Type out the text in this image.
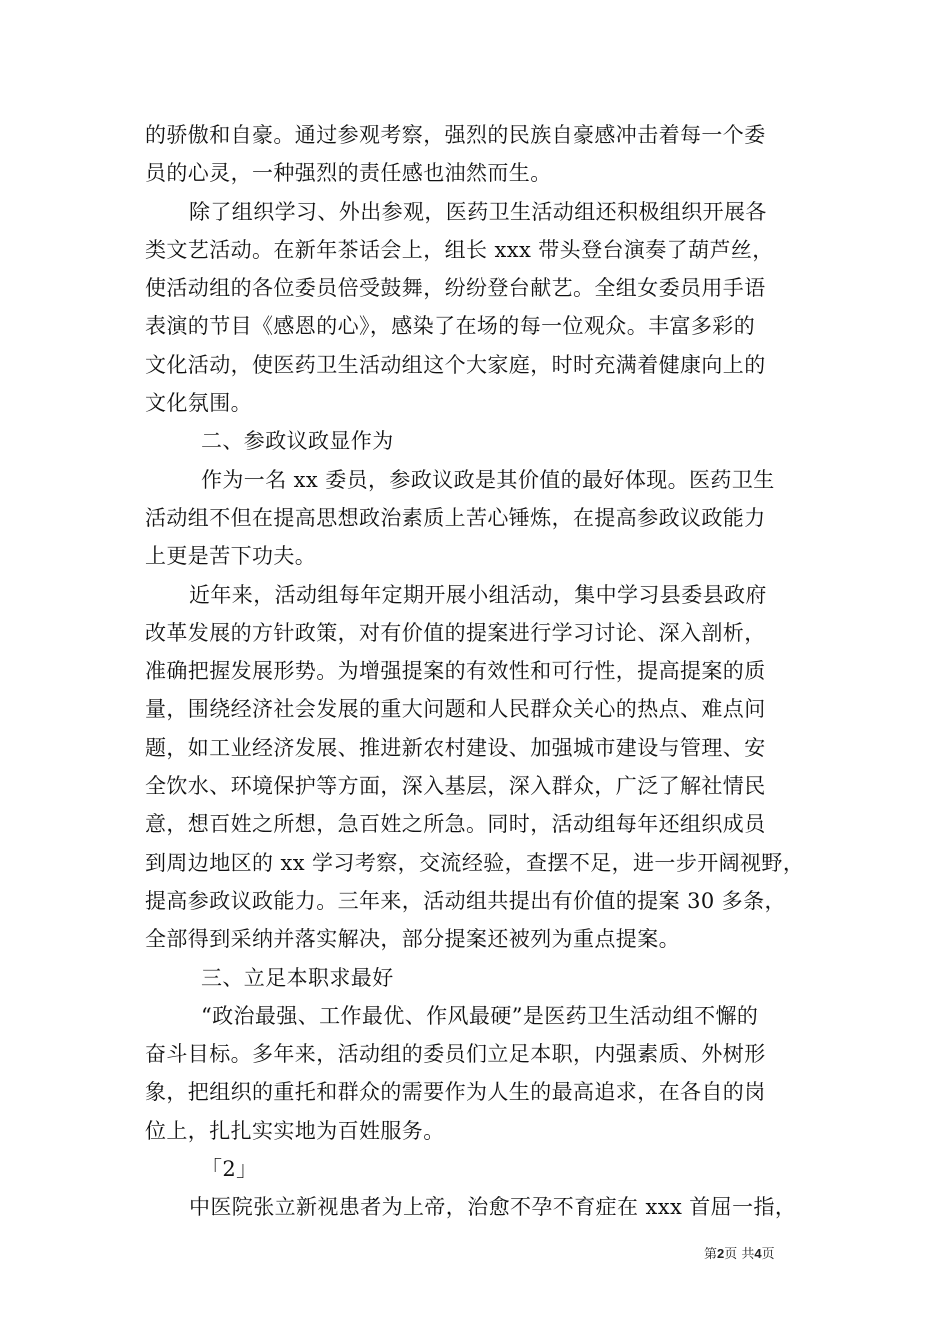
的骄傲和自豪。通过参观考察，强烈的民族自豪感冲击着每一个委
员的心灵，一种强烈的责任感也油然而生。
除了组织学习、外出参观，医药卫生活动组还积极组织开展各
类文艺活动。在新年茶话会上，组长 xxx 带头登台演奏了葫芦丝，
使活动组的各位委员倍受鼓舞，纷纷登台献艺。全组女委员用手语
表演的节目《感恩的心》，感染了在场的每一位观众。丰富多彩的
文化活动，使医药卫生活动组这个大家庭，时时充满着健康向上的
文化氛围。
二、参政议政显作为
作为一名 xx 委员，参政议政是其价值的最好体现。医药卫生
活动组不但在提高思想政治素质上苦心锤炼，在提高参政议政能力
上更是苦下功夫。
近年来，活动组每年定期开展小组活动，集中学习县委县政府
改革发展的方针政策，对有价值的提案进行学习讨论、深入剖析，
准确把握发展形势。为增强提案的有效性和可行性，提高提案的质
量，围绕经济社会发展的重大问题和人民群众关心的热点、难点问
题，如工业经济发展、推进新农村建设、加强城市建设与管理、安
全饮水、环境保护等方面，深入基层，深入群众，广泛了解社情民
意，想百姓之所想，急百姓之所急。同时，活动组每年还组织成员
到周边地区的 xx 学习考察，交流经验，查摆不足，进一步开阔视野，
提高参政议政能力。三年来，活动组共提出有价值的提案 30 多条，
全部得到采纳并落实解决，部分提案还被列为重点提案。
三、立足本职求最好
“政治最强、工作最优、作风最硬”是医药卫生活动组不懈的
奋斗目标。多年来，活动组的委员们立足本职，内强素质、外树形
象，把组织的重托和群众的需要作为人生的最高追求，在各自的岗
位上，扎扎实实地为百姓服务。
「2」
中医院张立新视患者为上帝，治愈不孕不育症在 xxx 首屈一指，
第2页 共4页
